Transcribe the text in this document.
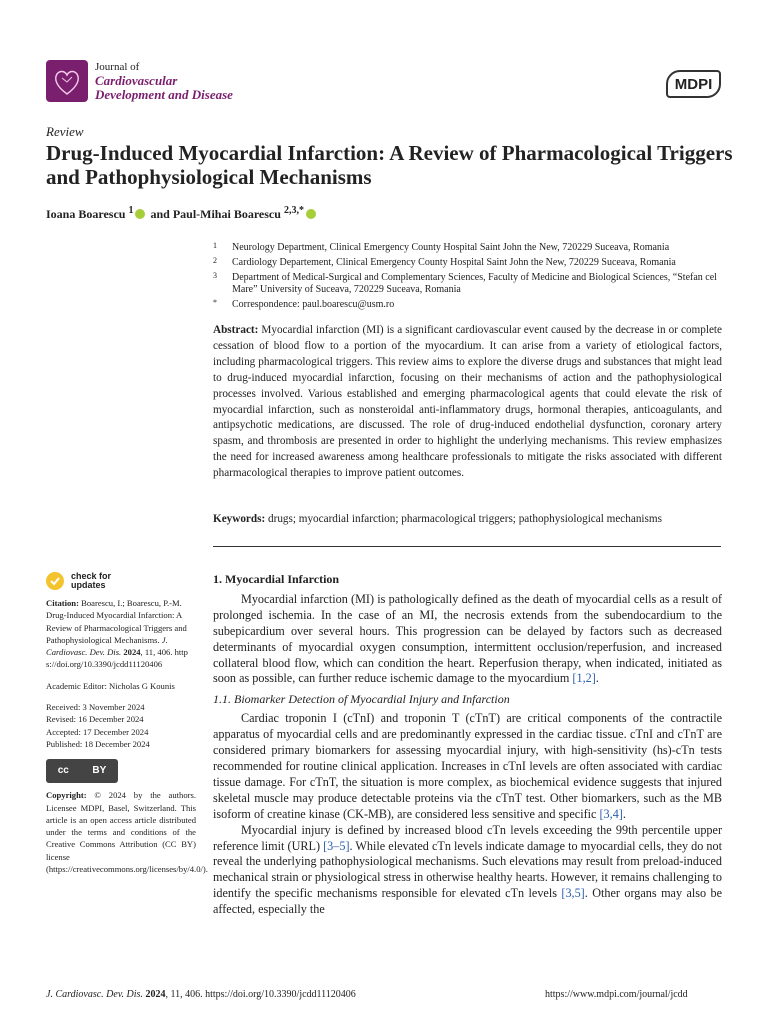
Journal of
Cardiovascular
Development and Disease
MDPI
Review
Drug-Induced Myocardial Infarction: A Review of Pharmacological Triggers and Pathophysiological Mechanisms
Ioana Boarescu $^1$ and Paul-Mihai Boarescu $^{2,3,*}$
1 Neurology Department, Clinical Emergency County Hospital Saint John the New, 720229 Suceava, Romania
2 Cardiology Departement, Clinical Emergency County Hospital Saint John the New, 720229 Suceava, Romania
3 Department of Medical-Surgical and Complementary Sciences, Faculty of Medicine and Biological Sciences, “Stefan cel Mare” University of Suceava, 720229 Suceava, Romania
* Correspondence: paul.boarescu@usm.ro
Abstract: Myocardial infarction (MI) is a significant cardiovascular event caused by the decrease in or complete cessation of blood flow to a portion of the myocardium. It can arise from a variety of etiological factors, including pharmacological triggers. This review aims to explore the diverse drugs and substances that might lead to drug-induced myocardial infarction, focusing on their mechanisms of action and the pathophysiological processes involved. Various established and emerging pharmacological agents that could elevate the risk of myocardial infarction, such as nonsteroidal anti-inflammatory drugs, hormonal therapies, anticoagulants, and antipsychotic medications, are discussed. The role of drug-induced endothelial dysfunction, coronary artery spasm, and thrombosis are presented in order to highlight the underlying mechanisms. This review emphasizes the need for increased awareness among healthcare professionals to mitigate the risks associated with different pharmacological therapies to improve patient outcomes.
Keywords: drugs; myocardial infarction; pharmacological triggers; pathophysiological mechanisms
check for
updates

Citation: Boarescu, I.; Boarescu, P.-M. Drug-Induced Myocardial Infarction: A Review of Pharmacological Triggers and Pathophysiological Mechanisms. J. Cardiovasc. Dev. Dis. 2024, 11, 406. https://doi.org/10.3390/jcdd11120406

Academic Editor: Nicholas G Kounis

Received: 3 November 2024
Revised: 16 December 2024
Accepted: 17 December 2024
Published: 18 December 2024
cc BY

Copyright: © 2024 by the authors. Licensee MDPI, Basel, Switzerland. This article is an open access article distributed under the terms and conditions of the Creative Commons Attribution (CC BY) license (https://creativecommons.org/licenses/by/4.0/).

1. Myocardial Infarction

Myocardial infarction (MI) is pathologically defined as the death of myocardial cells as a result of prolonged ischemia. In the case of an MI, the necrosis extends from the subendocardium to the subepicardium over several hours. This progression can be delayed by factors such as decreased determinants of myocardial oxygen consumption, intermittent occlusion/reperfusion, and increased collateral blood flow, which can condition the heart. Reperfusion therapy, when indicated, initiated as soon as possible, can further reduce ischemic damage to the myocardium [1,2].

1.1. Biomarker Detection of Myocardial Injury and Infarction

Cardiac troponin I (cTnI) and troponin T (cTnT) are critical components of the contractile apparatus of myocardial cells and are predominantly expressed in the cardiac tissue. cTnI and cTnT are considered primary biomarkers for assessing myocardial injury, with high-sensitivity (hs)-cTn tests recommended for routine clinical application. Increases in cTnI levels are often associated with cardiac tissue damage. For cTnT, the situation is more complex, as biochemical evidence suggests that injured skeletal muscle may produce detectable proteins via the cTnT test. Other biomarkers, such as the MB isoform of creatine kinase (CK-MB), are considered less sensitive and specific [3,4].

Myocardial injury is defined by increased blood cTn levels exceeding the 99th percentile upper reference limit (URL) [3–5]. While elevated cTn levels indicate damage to myocardial cells, they do not reveal the underlying pathophysiological mechanisms. Such elevations may result from preload-induced mechanical strain or physiological stress in otherwise healthy hearts. However, it remains challenging to identify the specific mechanisms responsible for elevated cTn levels [3,5]. Other organs may also be affected, especially the

J. Cardiovasc. Dev. Dis. 2024, 11, 406. https://doi.org/10.3390/jcdd11120406	https://www.mdpi.com/journal/jcdd
